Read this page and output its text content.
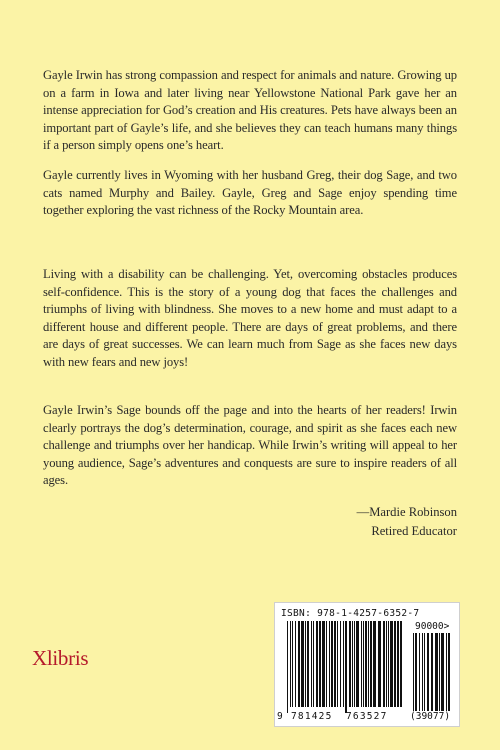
Gayle Irwin has strong compassion and respect for animals and nature. Growing up on a farm in Iowa and later living near Yellowstone National Park gave her an intense appreciation for God’s creation and His creatures. Pets have always been an important part of Gayle’s life, and she believes they can teach humans many things if a person simply opens one’s heart.

Gayle currently lives in Wyoming with her husband Greg, their dog Sage, and two cats named Murphy and Bailey. Gayle, Greg and Sage enjoy spending time together exploring the vast richness of the Rocky Mountain area.

Living with a disability can be challenging. Yet, overcoming obstacles produces self-confidence. This is the story of a young dog that faces the challenges and triumphs of living with blindness. She moves to a new home and must adapt to a different house and different people. There are days of great problems, and there are days of great successes. We can learn much from Sage as she faces new days with new fears and new joys!

Gayle Irwin’s Sage bounds off the page and into the hearts of her readers! Irwin clearly portrays the dog’s determination, courage, and spirit as she faces each new challenge and triumphs over her handicap. While Irwin’s writing will appeal to her young audience, Sage’s adventures and conquests are sure to inspire readers of all ages.

—Mardie Robinson
Retired Educator
Xlibris
ISBN: 978-1-4257-6352-7
90000>
9 781425 763527 (39077)
